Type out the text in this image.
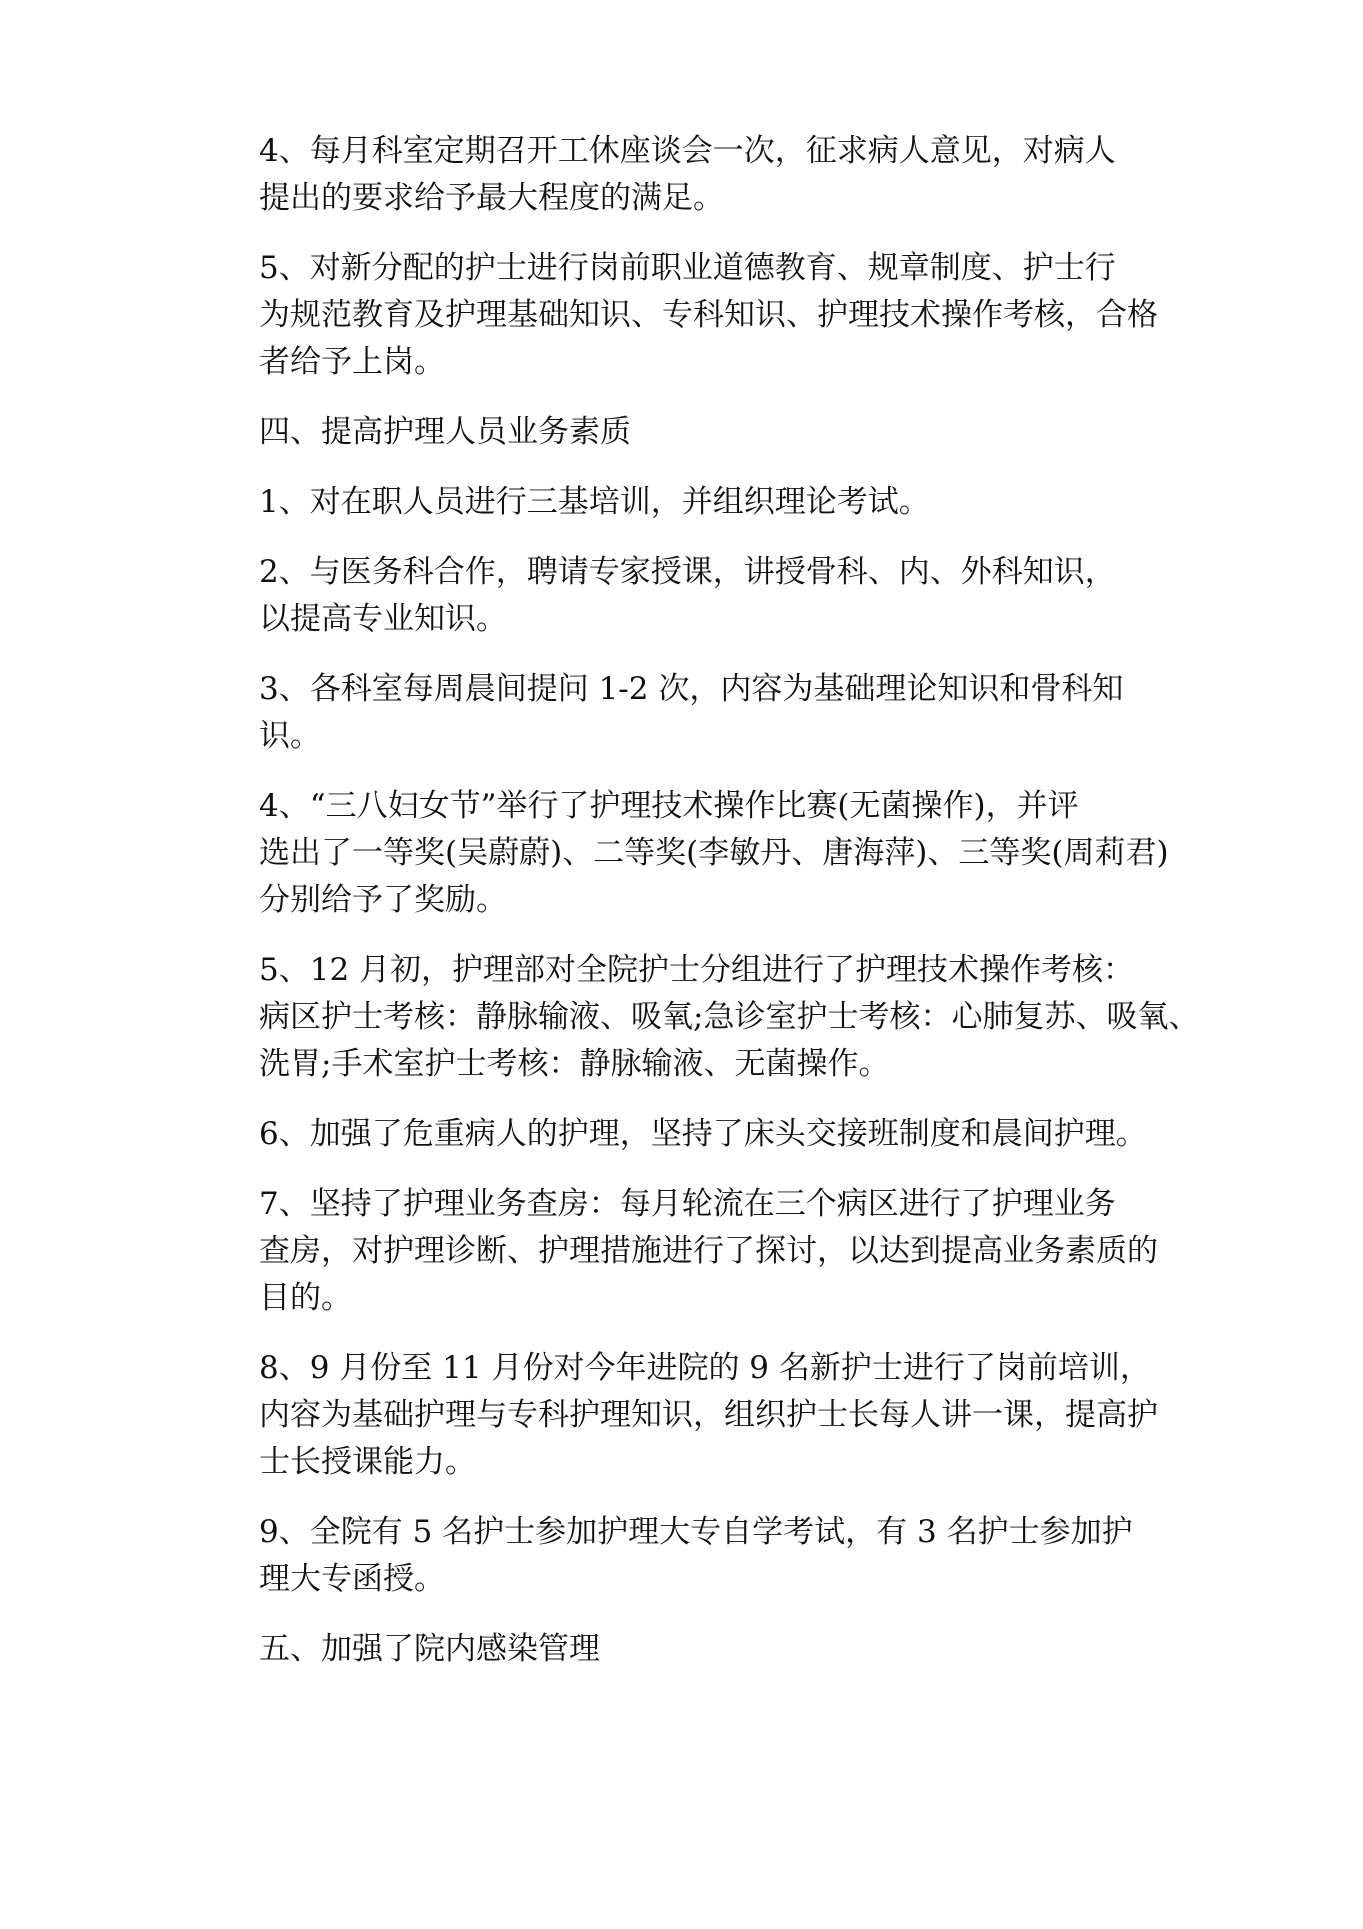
4、每月科室定期召开工休座谈会一次，征求病人意见，对病人
提出的要求给予最大程度的满足。

5、对新分配的护士进行岗前职业道德教育、规章制度、护士行
为规范教育及护理基础知识、专科知识、护理技术操作考核，合格
者给予上岗。

四、提高护理人员业务素质

1、对在职人员进行三基培训，并组织理论考试。

2、与医务科合作，聘请专家授课，讲授骨科、内、外科知识，
以提高专业知识。

3、各科室每周晨间提问 1-2 次，内容为基础理论知识和骨科知
识。

4、“三八妇女节”举行了护理技术操作比赛(无菌操作)，并评
选出了一等奖(吴蔚蔚)、二等奖(李敏丹、唐海萍)、三等奖(周莉君)
分别给予了奖励。

5、12 月初，护理部对全院护士分组进行了护理技术操作考核：
病区护士考核：静脉输液、吸氧;急诊室护士考核：心肺复苏、吸氧、
洗胃;手术室护士考核：静脉输液、无菌操作。

6、加强了危重病人的护理，坚持了床头交接班制度和晨间护理。

7、坚持了护理业务查房：每月轮流在三个病区进行了护理业务
查房，对护理诊断、护理措施进行了探讨，以达到提高业务素质的
目的。

8、9 月份至 11 月份对今年进院的 9 名新护士进行了岗前培训，
内容为基础护理与专科护理知识，组织护士长每人讲一课，提高护
士长授课能力。

9、全院有 5 名护士参加护理大专自学考试，有 3 名护士参加护
理大专函授。

五、加强了院内感染管理
